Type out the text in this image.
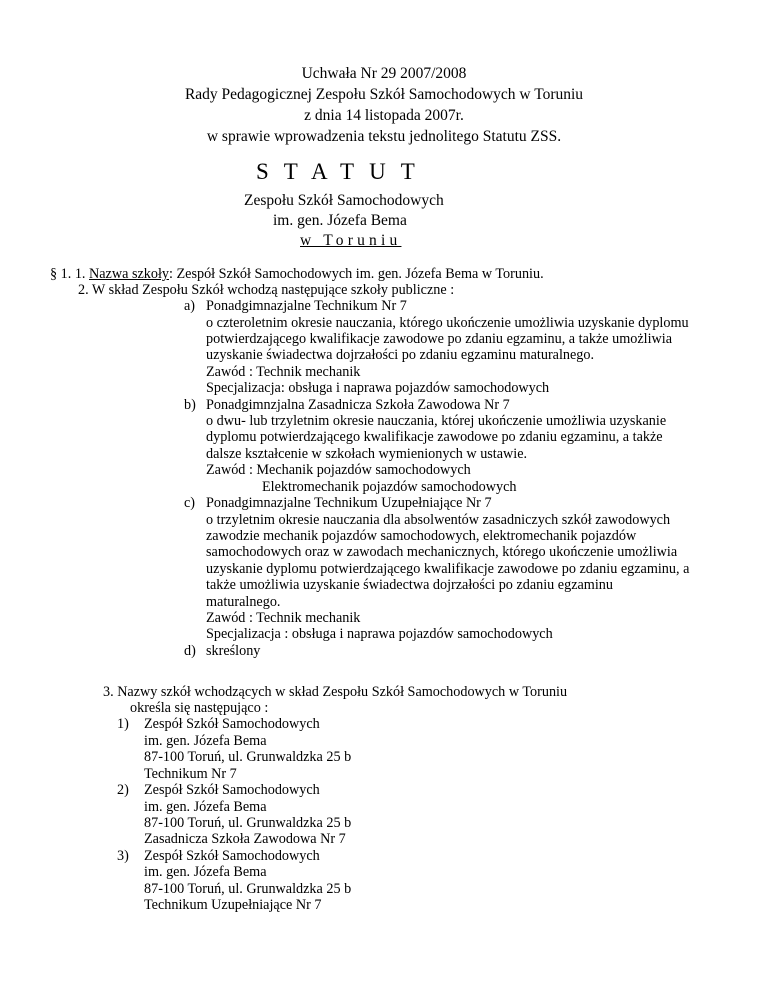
Uchwała Nr 29 2007/2008
Rady Pedagogicznej Zespołu Szkół Samochodowych w Toruniu
z dnia 14 listopada 2007r.
w sprawie wprowadzenia tekstu jednolitego Statutu ZSS.
STATUT
Zespołu Szkół Samochodowych
im. gen. Józefa Bema
w Toruniu
§ 1. 1. Nazwa szkoły: Zespół Szkół Samochodowych im. gen. Józefa Bema w Toruniu.
2. W skład Zespołu Szkół wchodzą następujące szkoły publiczne :
a) Ponadgimnazjalne Technikum Nr 7
o czteroletnim okresie nauczania, którego ukończenie umożliwia uzyskanie dyplomu
potwierdzającego kwalifikacje zawodowe po zdaniu egzaminu, a także umożliwia
uzyskanie świadectwa dojrzałości po zdaniu egzaminu maturalnego.
Zawód : Technik mechanik
Specjalizacja: obsługa i naprawa pojazdów samochodowych
b) Ponadgimnzjalna Zasadnicza Szkoła Zawodowa Nr 7
o dwu- lub trzyletnim okresie nauczania, której ukończenie umożliwia uzyskanie
dyplomu potwierdzającego kwalifikacje zawodowe po zdaniu egzaminu, a także
dalsze kształcenie w szkołach wymienionych w ustawie.
Zawód : Mechanik pojazdów samochodowych
Elektromechanik pojazdów samochodowych
c) Ponadgimnazjalne Technikum Uzupełniające Nr 7
o trzyletnim okresie nauczania dla absolwentów zasadniczych szkół zawodowych
zawodzie mechanik pojazdów samochodowych, elektromechanik pojazdów
samochodowych oraz w zawodach mechanicznych, którego ukończenie umożliwia
uzyskanie dyplomu potwierdzającego kwalifikacje zawodowe po zdaniu egzaminu, a
także umożliwia uzyskanie świadectwa dojrzałości po zdaniu egzaminu
maturalnego.
Zawód : Technik mechanik
Specjalizacja : obsługa i naprawa pojazdów samochodowych
d) skreślony
3. Nazwy szkół wchodzących w skład Zespołu Szkół Samochodowych w Toruniu
określa się następująco :
1) Zespół Szkół Samochodowych
im. gen. Józefa Bema
87-100 Toruń, ul. Grunwaldzka 25 b
Technikum Nr 7
2) Zespół Szkół Samochodowych
im. gen. Józefa Bema
87-100 Toruń, ul. Grunwaldzka 25 b
Zasadnicza Szkoła Zawodowa Nr 7
3) Zespół Szkół Samochodowych
im. gen. Józefa Bema
87-100 Toruń, ul. Grunwaldzka 25 b
Technikum Uzupełniające Nr 7
